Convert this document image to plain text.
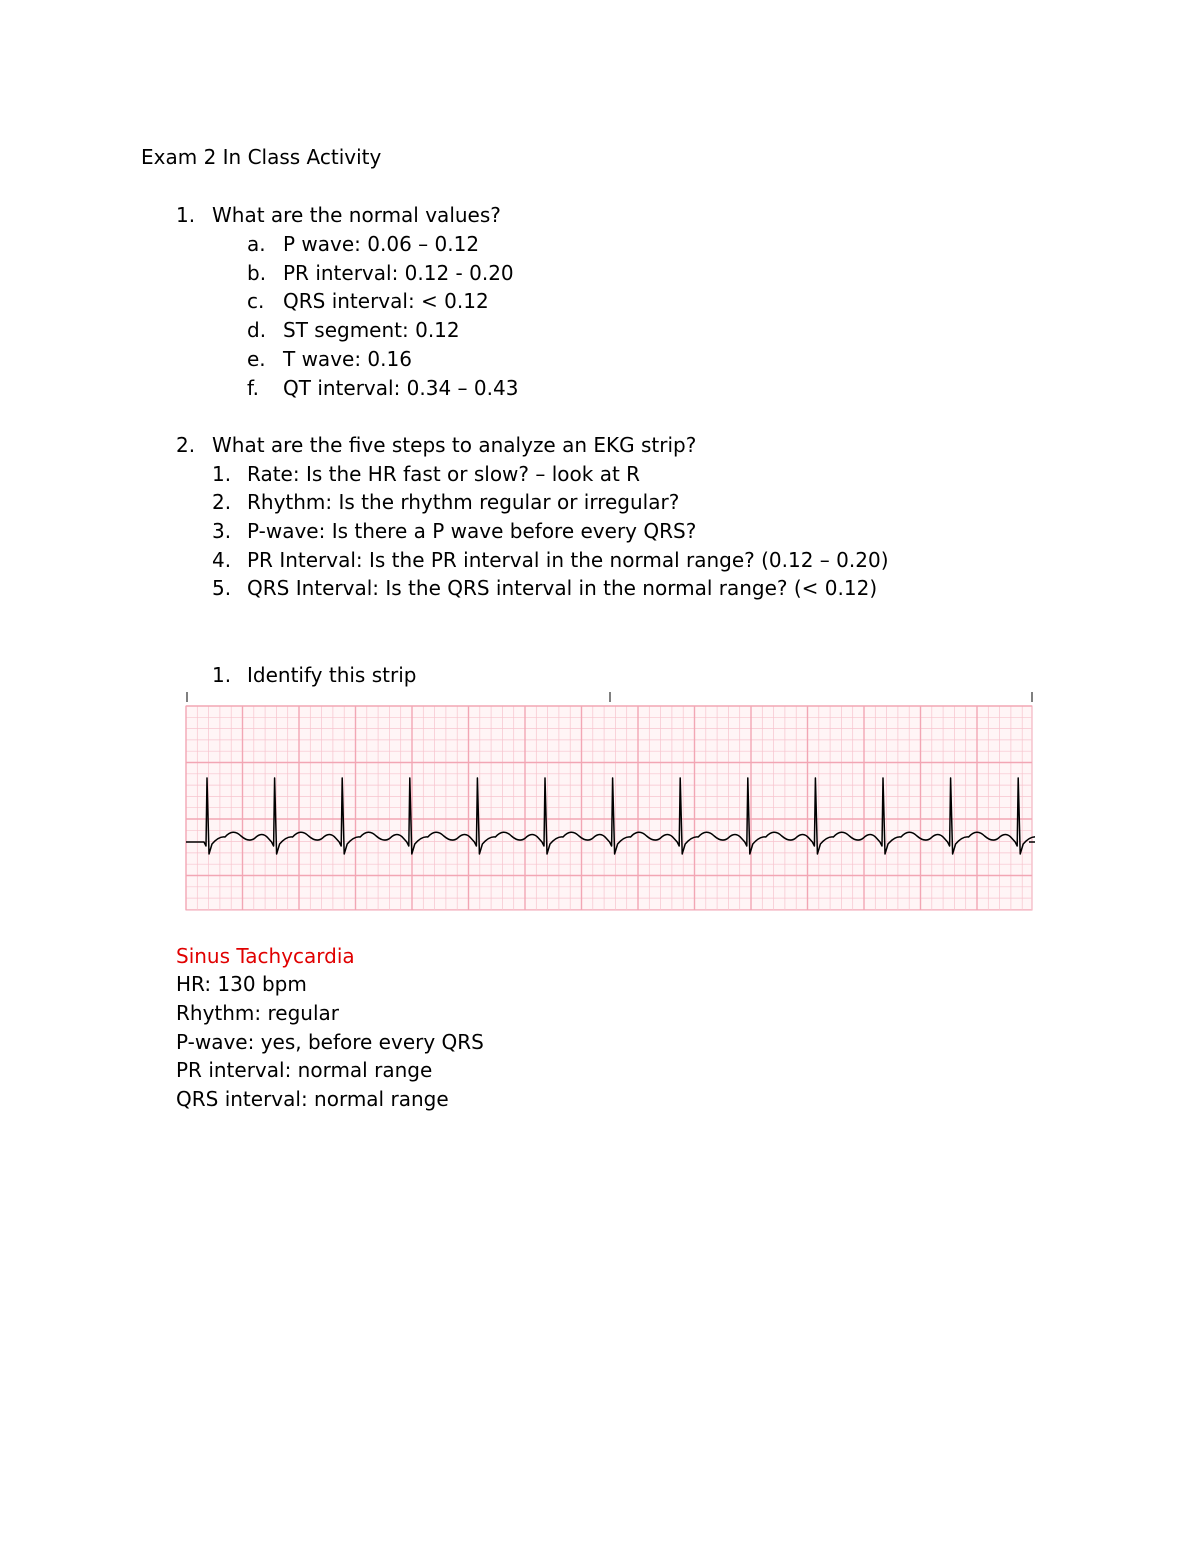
Exam 2 In Class Activity
1. What are the normal values?
a. P wave: 0.06 – 0.12
b. PR interval: 0.12 - 0.20
c. QRS interval: < 0.12
d. ST segment: 0.12
e. T wave: 0.16
f. QT interval: 0.34 – 0.43
2. What are the five steps to analyze an EKG strip?
1. Rate: Is the HR fast or slow? – look at R
2. Rhythm: Is the rhythm regular or irregular?
3. P-wave: Is there a P wave before every QRS?
4. PR Interval: Is the PR interval in the normal range? (0.12 – 0.20)
5. QRS Interval: Is the QRS interval in the normal range? (< 0.12)
1. Identify this strip
Sinus Tachycardia
HR: 130 bpm
Rhythm: regular
P-wave: yes, before every QRS
PR interval: normal range
QRS interval: normal range
